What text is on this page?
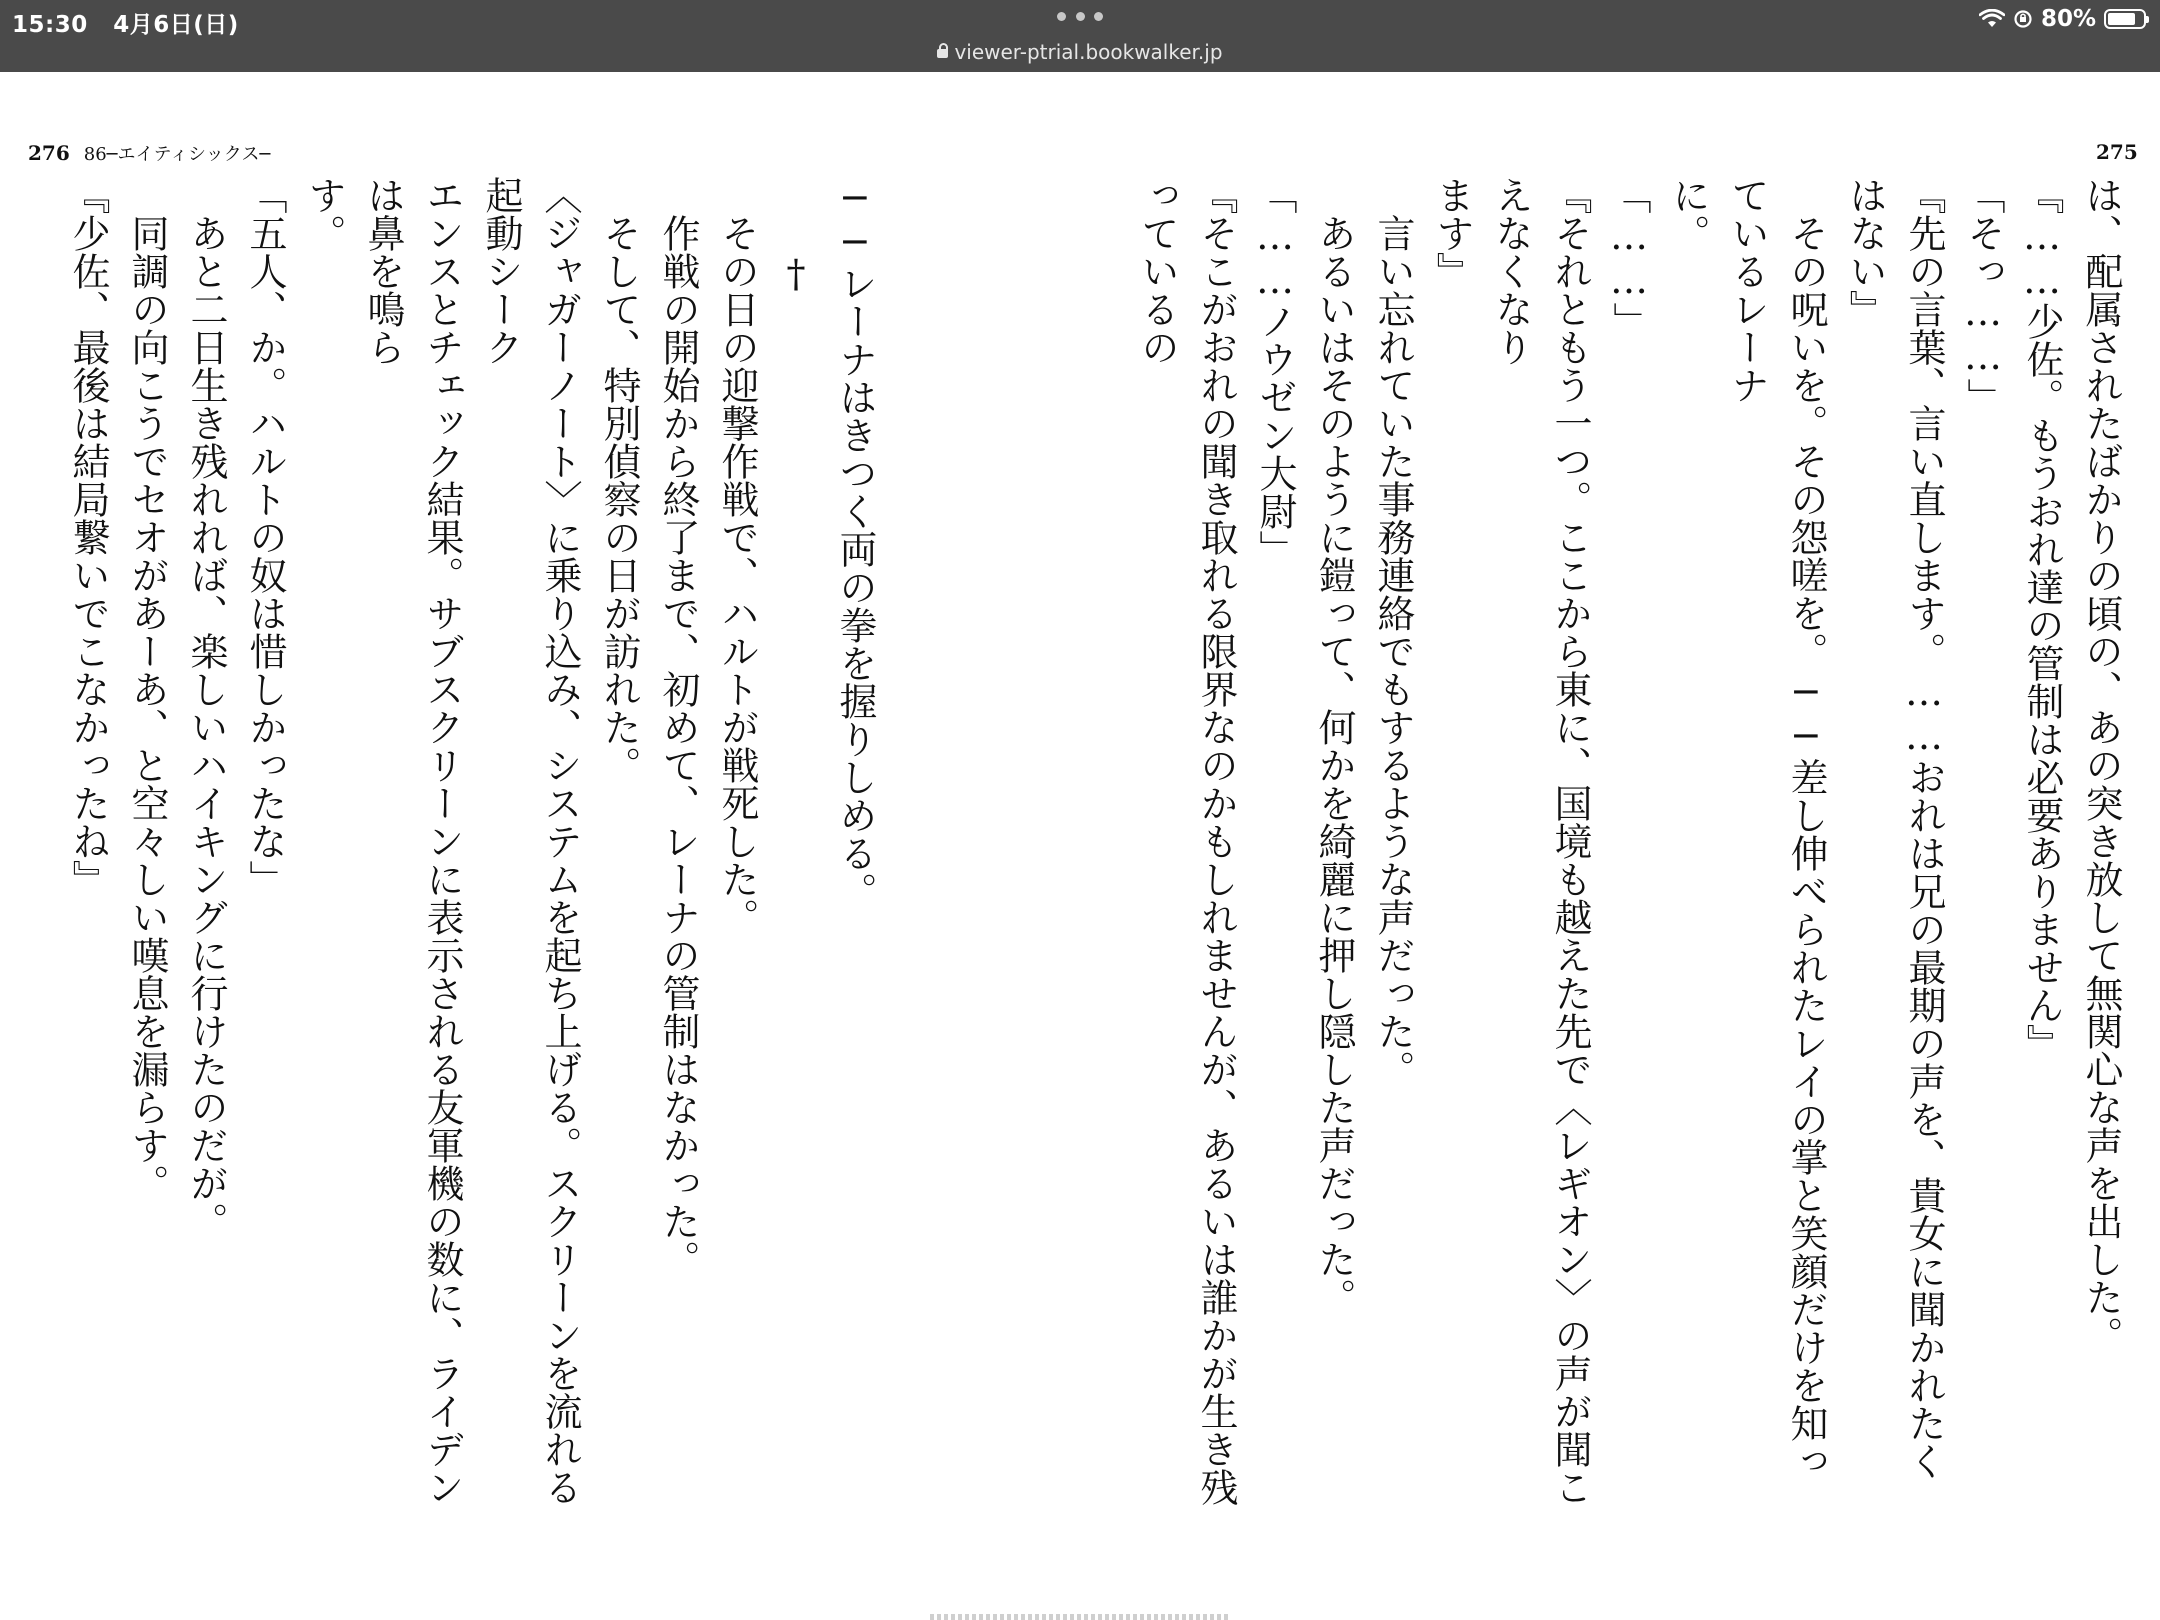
15:30 4月6日(日)
viewer-ptrial.bookwalker.jp
80%
276 86─エイティシックス─	275

──レーナはきつく両の拳を握りしめる。

†

その日の迎撃作戦で、ハルトが戦死した。

作戦の開始から終了まで、初めて、レーナの管制はなかった。

そして、特別偵察の日が訪れた。

〈ジャガーノート〉に乗り込み、システムを起ち上げる。スクリーンを流れる起動シーク

エンスとチェック結果。サブスクリーンに表示される友軍機の数に、ライデンは鼻を鳴ら

す。

「五人、か。ハルトの奴は惜しかったな」

あと二日生き残れれば、楽しいハイキングに行けたのだが。

同調の向こうでセオがあーあ、と空々しい嘆息を漏らす。

『少佐、最後は結局繋いでこなかったね』	は、配属されたばかりの頃の、あの突き放して無関心な声を出した。

『……少佐。もうおれ達の管制は必要ありません』

「そっ……」

『先の言葉、言い直します。……おれは兄の最期の声を、貴女に聞かれたくはない』

その呪いを。その怨嗟を。──差し伸べられたレイの掌と笑顔だけを知っているレーナ

に。

「……」

『それともう一つ。ここから東に、国境も越えた先で〈レギオン〉の声が聞こえなくなり

ます』

言い忘れていた事務連絡でもするような声だった。

あるいはそのように鎧って、何かを綺麗に押し隠した声だった。

「……ノウゼン大尉」

『そこがおれの聞き取れる限界なのかもしれませんが、あるいは誰かが生き残っているの
